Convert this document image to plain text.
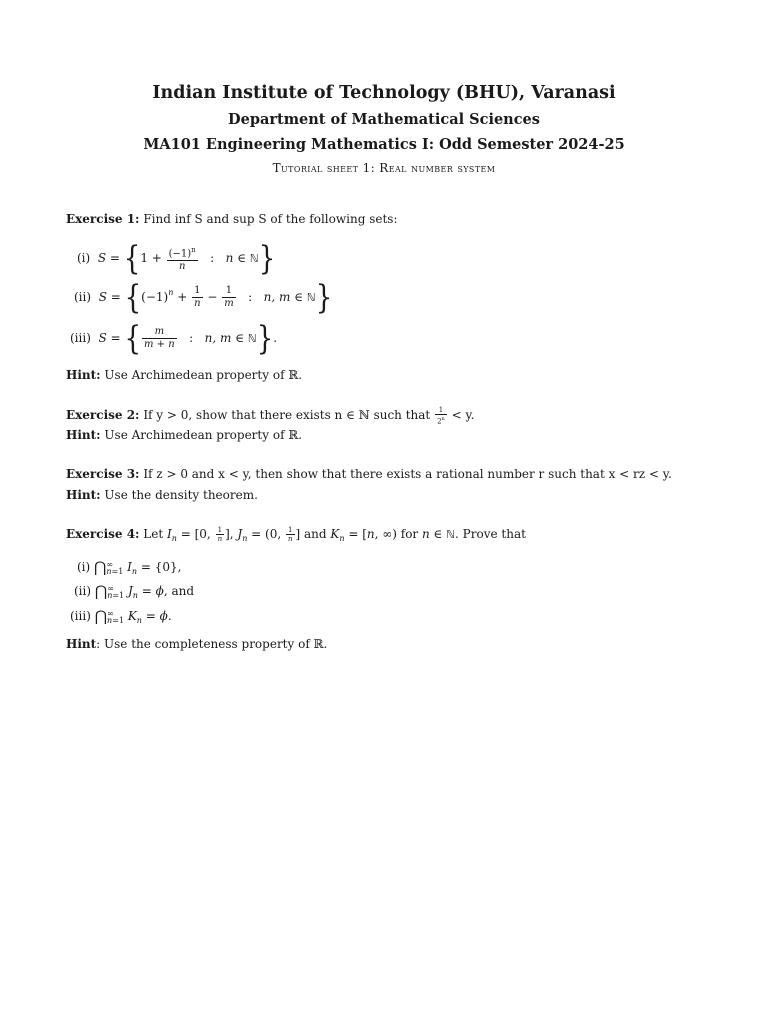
Indian Institute of Technology (BHU), Varanasi
Department of Mathematical Sciences
MA101 Engineering Mathematics I: Odd Semester 2024-25
Tutorial sheet 1: Real number system
Exercise 1: Find inf S and sup S of the following sets:
(i) $S = \{1 + \frac{(-1)^n}{n}$ :   n ∈ ℕ}
(ii) $S = \{(-1)^n + \frac{1}{n} - \frac{1}{m}$ :   n, m ∈ ℕ}
(iii) S = { $\frac{m}{m + n}$ :   n, m ∈ ℕ}.
Hint: Use Archimedean property of ℝ.
Exercise 2: If y > 0, show that there exists n ∈ ℕ such that $\frac{1}{2^n} < y$.
Hint: Use Archimedean property of ℝ.
Exercise 3: If z > 0 and x < y, then show that there exists a rational number r such that x < rz < y.
Hint: Use the density theorem.
Exercise 4: Let $I_n = [0$, $\frac{1}{n}$ ], $J_n = (0$, $\frac{1}{n}$ ] and $K_n = [n$, ∞) for n ∈ ℕ. Prove that
(i) ⋂∞
n=1 $I_n = \{0\}$,
(ii) ⋂∞
n=1 $J_n = \phi$, and
(iii) ⋂∞
n=1 $K_n = \phi$.
Hint: Use the completeness property of ℝ.
